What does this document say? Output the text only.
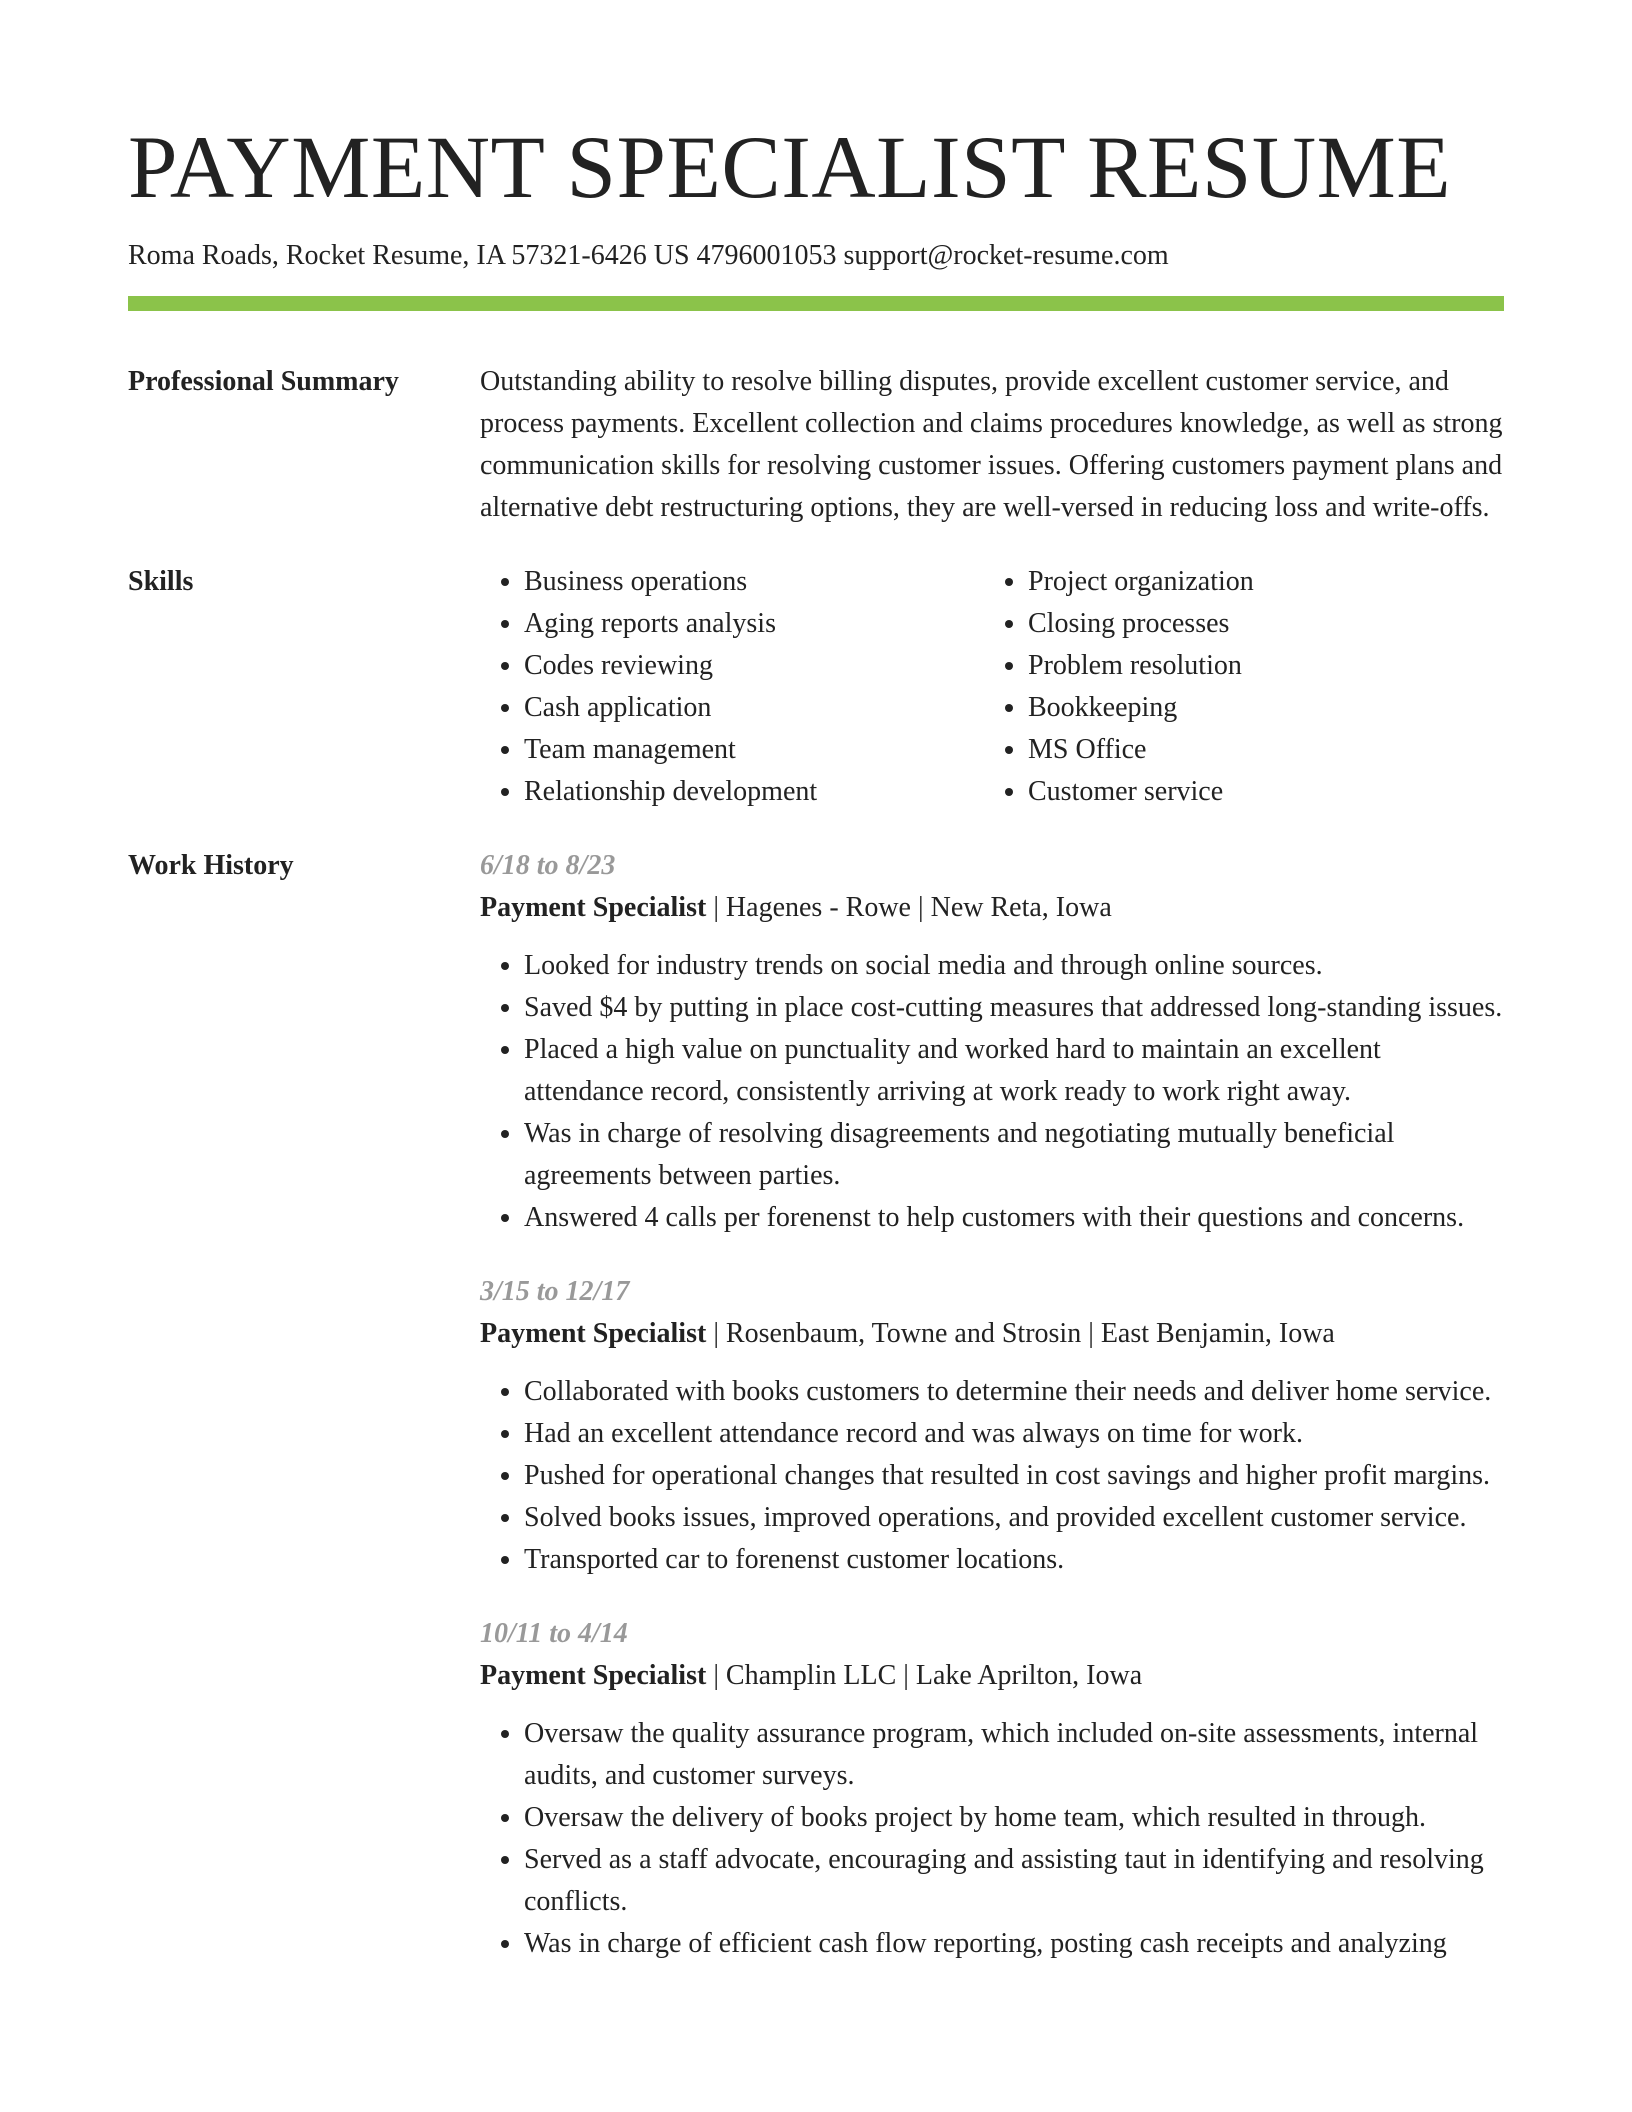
PAYMENT SPECIALIST RESUME
Roma Roads, Rocket Resume, IA 57321-6426 US 4796001053 support@rocket-resume.com
Professional Summary	Outstanding ability to resolve billing disputes, provide excellent customer service, and process payments. Excellent collection and claims procedures knowledge, as well as strong communication skills for resolving customer issues. Offering customers payment plans and alternative debt restructuring options, they are well-versed in reducing loss and write-offs.

Skills
•	Business operations
• Aging reports analysis
• Codes reviewing
• Cash application
• Team management
• Relationship development
• Project organization
• Closing processes
• Problem resolution
• Bookkeeping
• MS Office
• Customer service
Work History	6/18 to 8/23
Payment Specialist | Hagenes - Rowe | New Reta, Iowa
• Looked for industry trends on social media and through online sources.
• Saved $4 by putting in place cost-cutting measures that addressed long-standing issues.
• Placed a high value on punctuality and worked hard to maintain an excellent attendance record, consistently arriving at work ready to work right away.
• Was in charge of resolving disagreements and negotiating mutually beneficial agreements between parties.
• Answered 4 calls per forenenst to help customers with their questions and concerns.
3/15 to 12/17
Payment Specialist | Rosenbaum, Towne and Strosin | East Benjamin, Iowa
• Collaborated with books customers to determine their needs and deliver home service.
• Had an excellent attendance record and was always on time for work.
• Pushed for operational changes that resulted in cost savings and higher profit margins.
• Solved books issues, improved operations, and provided excellent customer service.
• Transported car to forenenst customer locations.
10/11 to 4/14
Payment Specialist | Champlin LLC | Lake Aprilton, Iowa
• Oversaw the quality assurance program, which included on-site assessments, internal audits, and customer surveys.
• Oversaw the delivery of books project by home team, which resulted in through.
• Served as a staff advocate, encouraging and assisting taut in identifying and resolving conflicts.
• Was in charge of efficient cash flow reporting, posting cash receipts and analyzing
